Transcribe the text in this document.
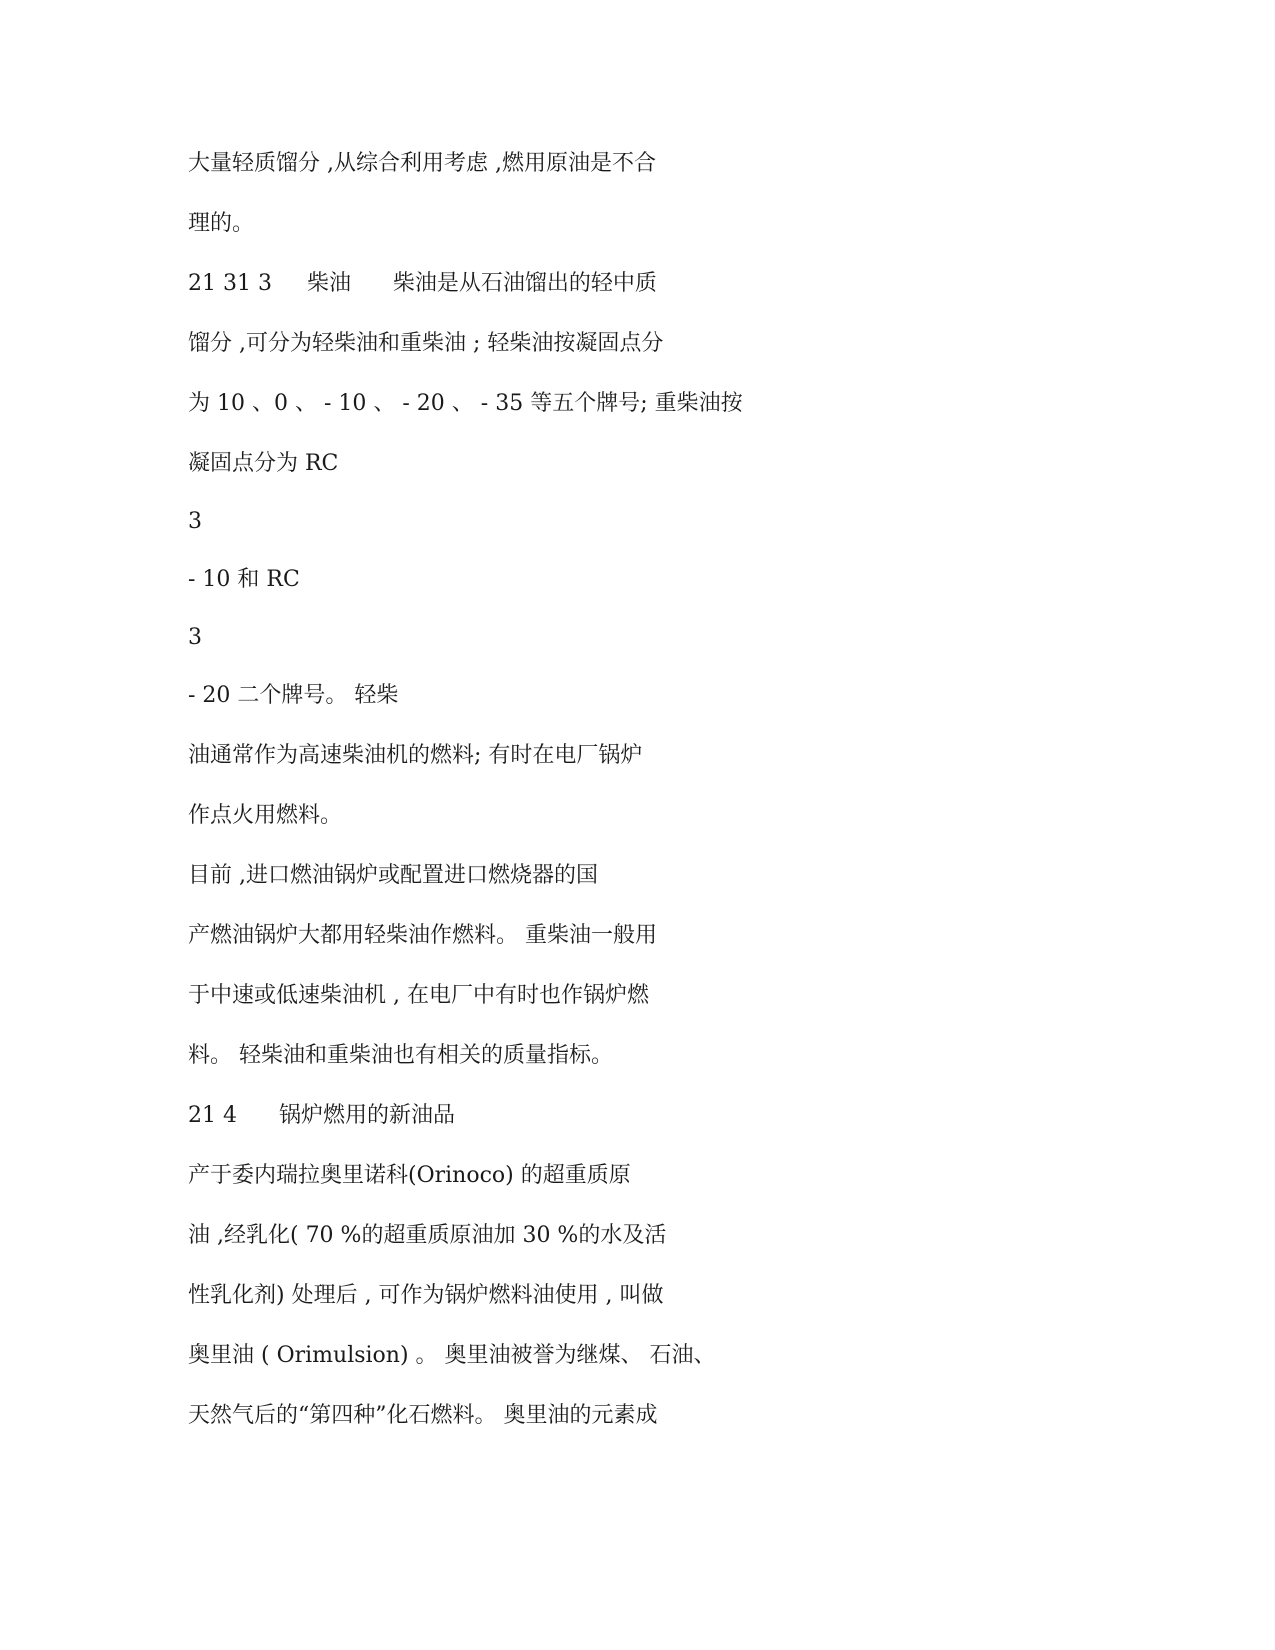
大量轻质馏分 ,从综合利用考虑 ,燃用原油是不合
理的。
21 31 3     柴油      柴油是从石油馏出的轻中质
馏分 ,可分为轻柴油和重柴油 ; 轻柴油按凝固点分
为 10 、0 、 - 10 、 - 20 、 - 35 等五个牌号; 重柴油按
凝固点分为 RC
3
- 10 和 RC
3
- 20 二个牌号。 轻柴
油通常作为高速柴油机的燃料; 有时在电厂锅炉
作点火用燃料。
目前 ,进口燃油锅炉或配置进口燃烧器的国
产燃油锅炉大都用轻柴油作燃料。 重柴油一般用
于中速或低速柴油机 , 在电厂中有时也作锅炉燃
料。 轻柴油和重柴油也有相关的质量指标。
21 4      锅炉燃用的新油品
产于委内瑞拉奥里诺科(Orinoco) 的超重质原
油 ,经乳化( 70 %的超重质原油加 30 %的水及活
性乳化剂) 处理后 , 可作为锅炉燃料油使用 , 叫做
奥里油 ( Orimulsion) 。 奥里油被誉为继煤、 石油、
天然气后的“第四种”化石燃料。 奥里油的元素成
